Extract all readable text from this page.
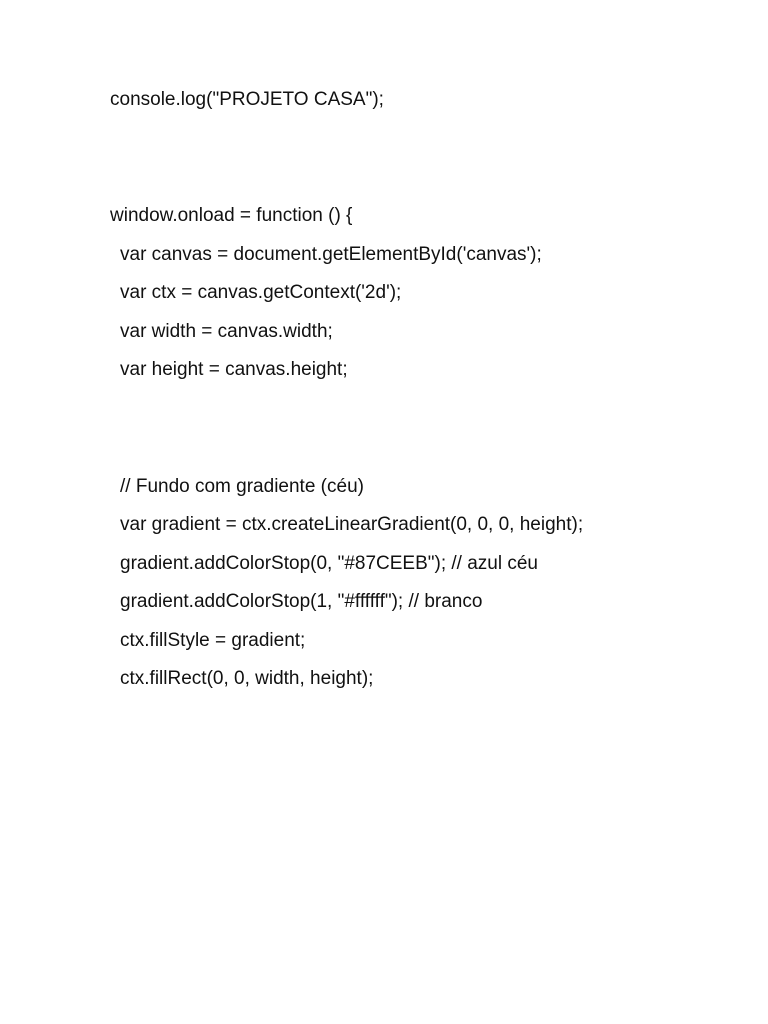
console.log("PROJETO CASA");
window.onload = function () {
var canvas = document.getElementById('canvas');
var ctx = canvas.getContext('2d');
var width = canvas.width;
var height = canvas.height;
// Fundo com gradiente (céu)
var gradient = ctx.createLinearGradient(0, 0, 0, height);
gradient.addColorStop(0, "#87CEEB"); // azul céu
gradient.addColorStop(1, "#ffffff"); // branco
ctx.fillStyle = gradient;
ctx.fillRect(0, 0, width, height);
